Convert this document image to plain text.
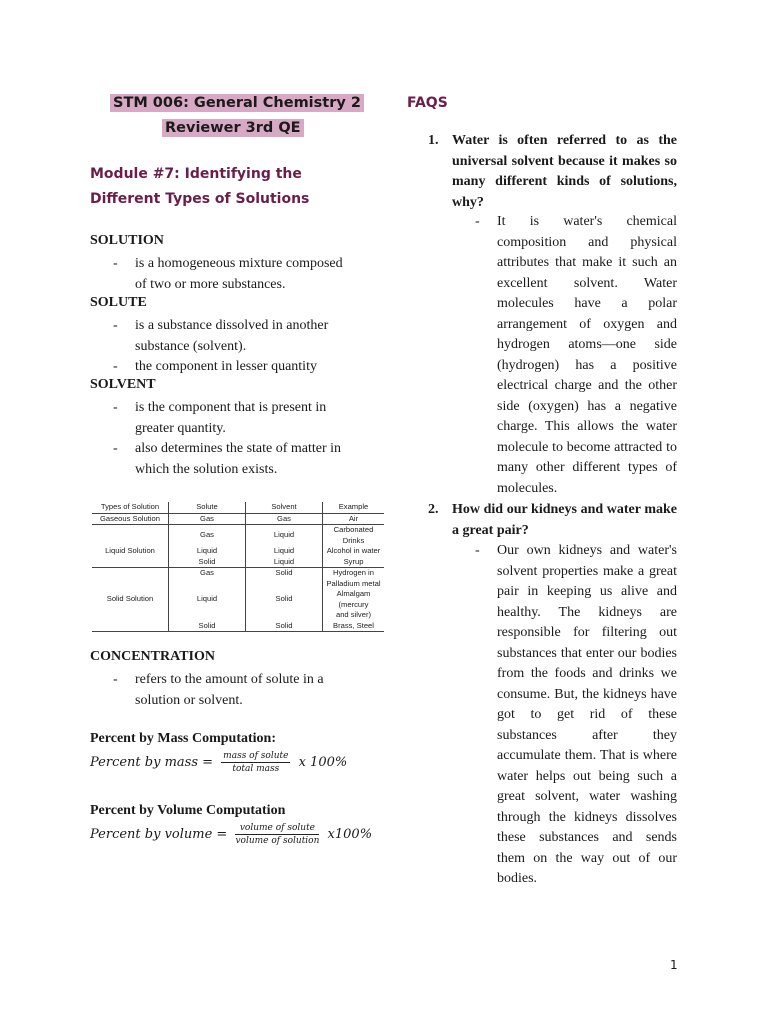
STM 006: General Chemistry 2
Reviewer 3rd QE
Module #7: Identifying the
Different Types of Solutions
SOLUTION
- is a homogeneous mixture composed
of two or more substances.
SOLUTE
- is a substance dissolved in another
substance (solvent).
- the component in lesser quantity
SOLVENT
- is the component that is present in
greater quantity.
- also determines the state of matter in
which the solution exists.
Types of Solution	Solute	Solvent	Example
Gaseous Solution	Gas	Gas	Air
	Gas	Liquid	Carbonated Drinks
Liquid Solution	Liquid	Liquid	Alcohol in water
	Solid	Liquid	Syrup
	Gas	Solid	Hydrogen in
			Palladium metal
Solid Solution	Liquid	Solid	Almalgam (mercury
			and silver)
	Solid	Solid	Brass, Steel
CONCENTRATION
- refers to the amount of solute in a
solution or solvent.
Percent by Mass Computation:
Percent by mass = $\frac{\text{mass of solute}}{\text{total mass}}$ x 100%
Percent by Volume Computation
Percent by volume = $\frac{\text{volume of solute}}{\text{volume of solution}} x100\%$
FAQS
1. Water is often referred to as the universal solvent because it makes so many different kinds of solutions, why?
- It is water's chemical composition and physical attributes that make it such an excellent solvent. Water molecules have a polar arrangement of oxygen and hydrogen atoms—one side (hydrogen) has a positive electrical charge and the other side (oxygen) has a negative charge. This allows the water molecule to become attracted to many other different types of molecules.
2. How did our kidneys and water make a great pair?
- Our own kidneys and water's solvent properties make a great pair in keeping us alive and healthy. The kidneys are responsible for filtering out substances that enter our bodies from the foods and drinks we consume. But, the kidneys have got to get rid of these substances after they accumulate them. That is where water helps out being such a great solvent, water washing through the kidneys dissolves these substances and sends them on the way out of our bodies.
1
